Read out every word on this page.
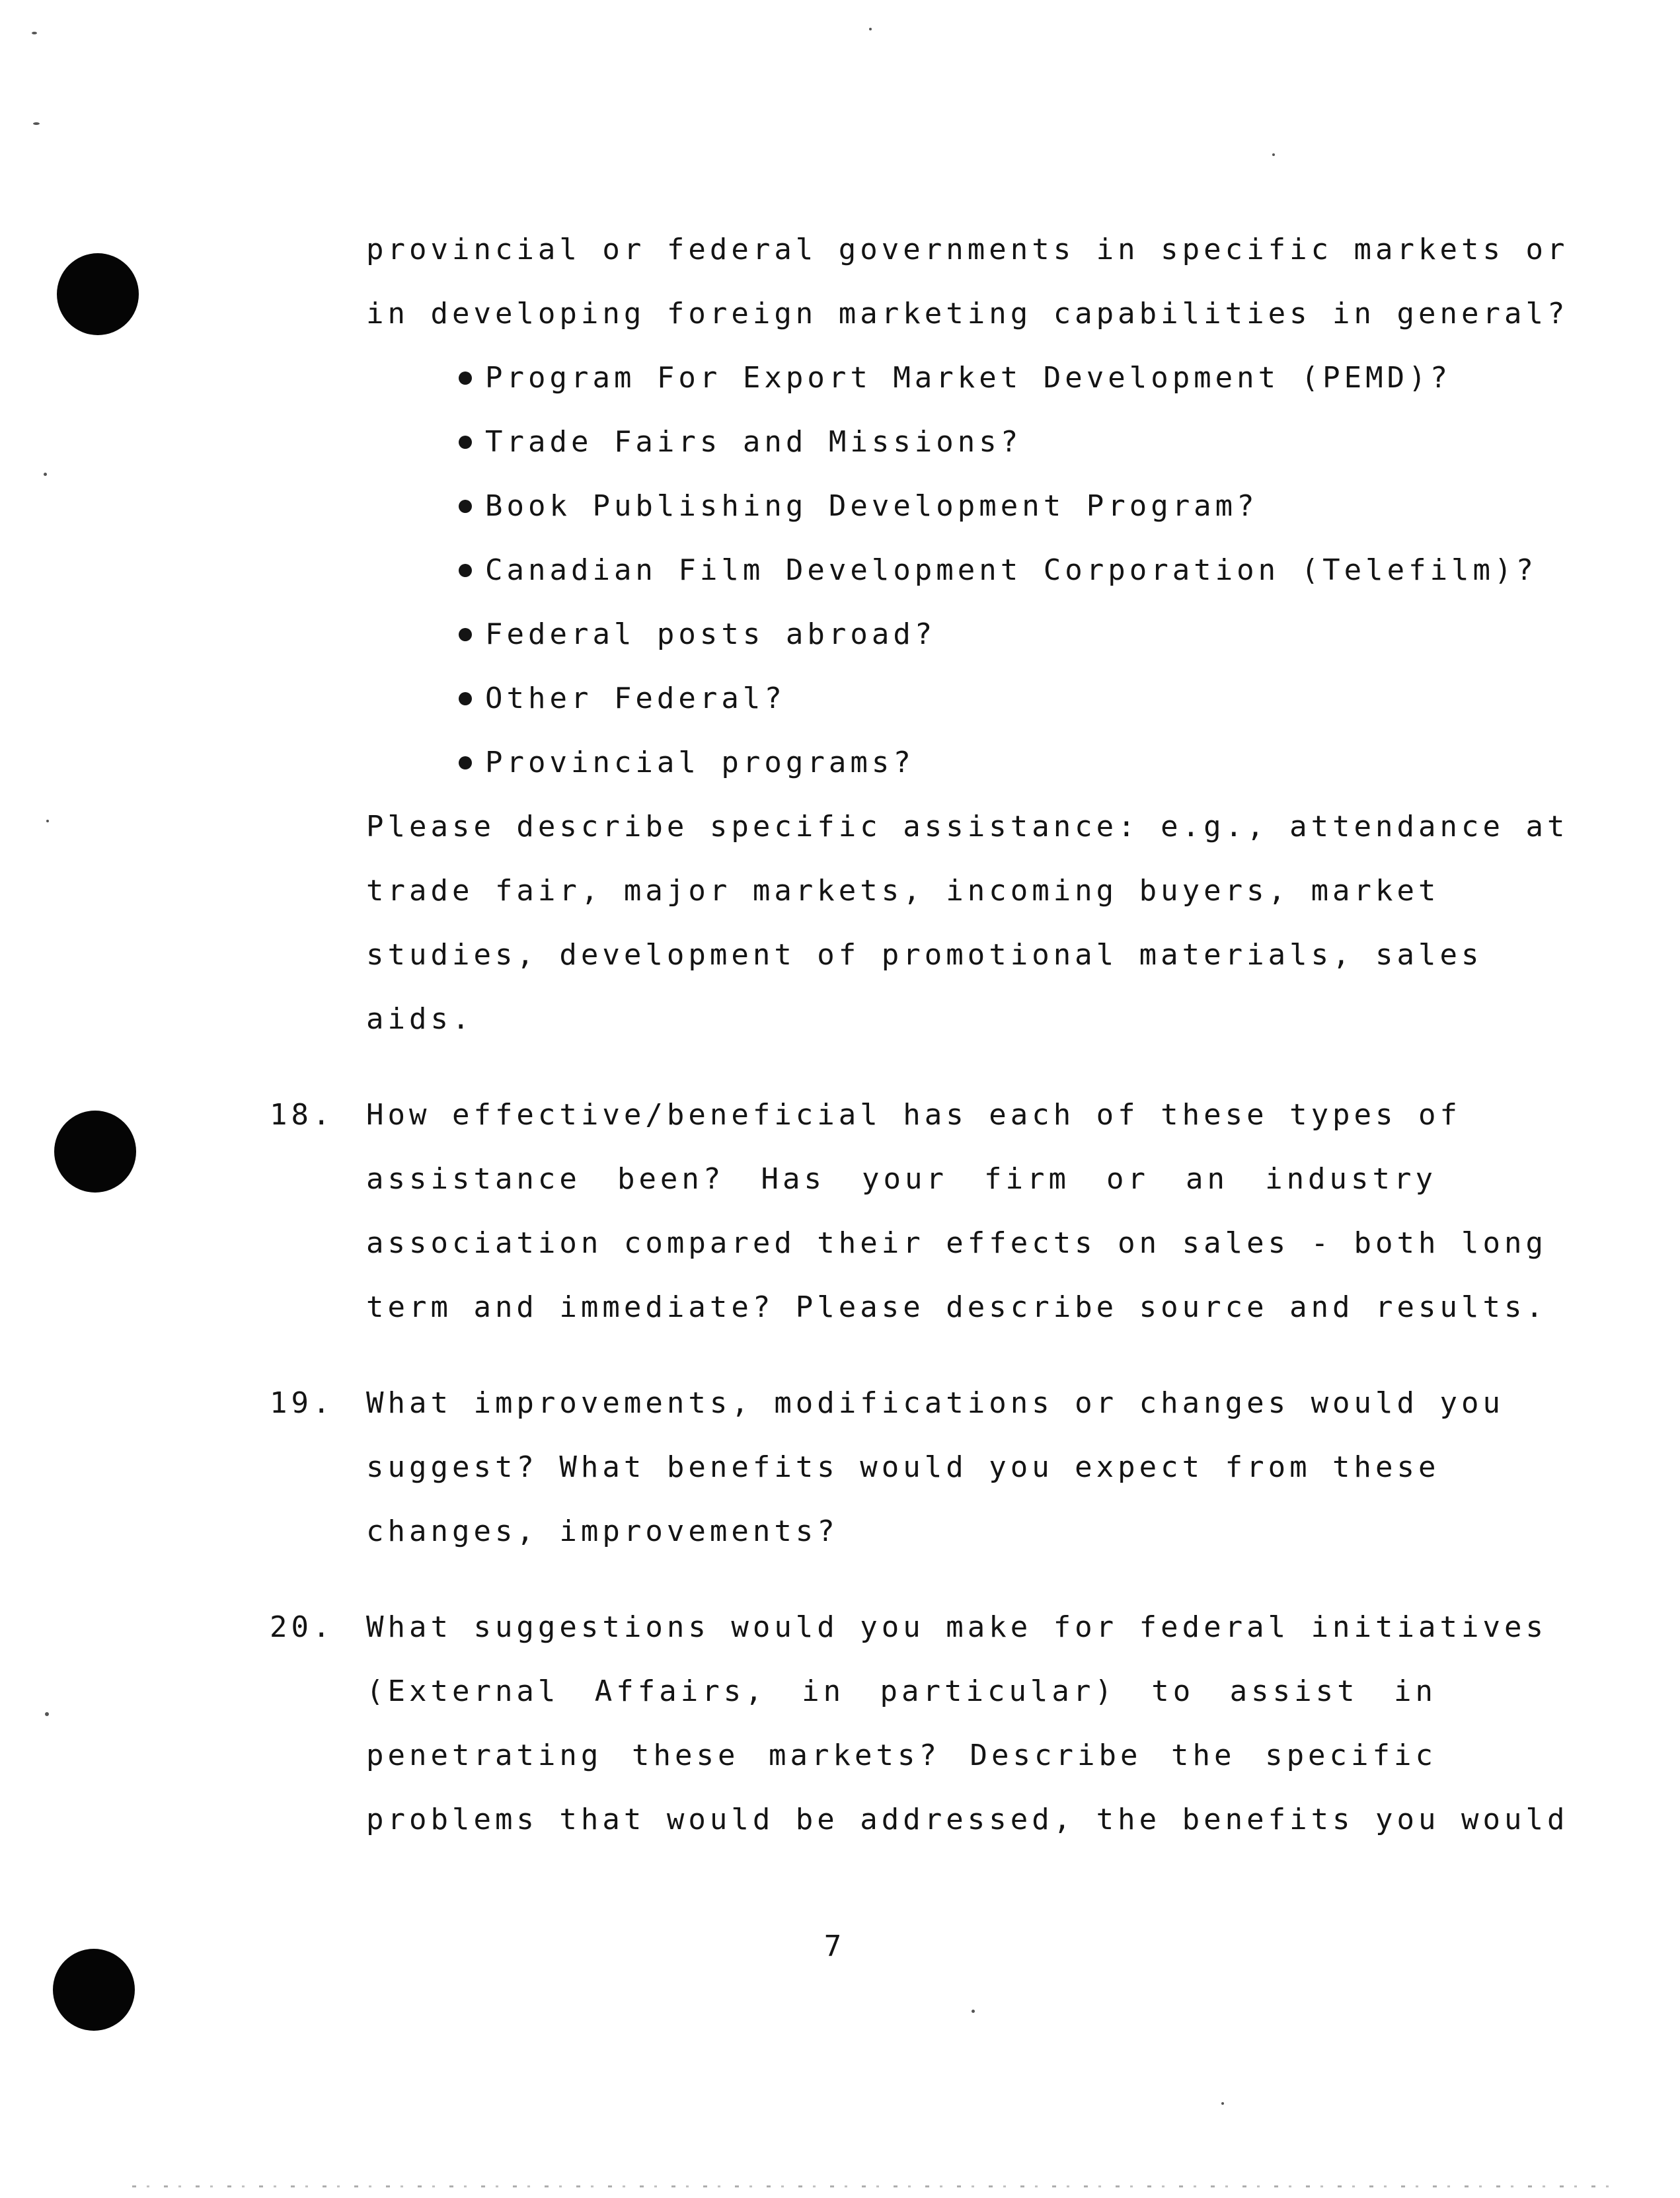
provincial or federal governments in specific markets or
in developing foreign marketing capabilities in general?
Program For Export Market Development (PEMD)?
Trade Fairs and Missions?
Book Publishing Development Program?
Canadian Film Development Corporation (Telefilm)?
Federal posts abroad?
Other Federal?
Provincial programs?
Please describe specific assistance: e.g., attendance at
trade fair, major markets, incoming buyers, market
studies, development of promotional materials, sales
aids.
18. How effective/beneficial has each of these types of
assistance been? Has your firm or an industry
association compared their effects on sales - both long
term and immediate? Please describe source and results.
19. What improvements, modifications or changes would you
suggest? What benefits would you expect from these
changes, improvements?
20. What suggestions would you make for federal initiatives
(External Affairs, in particular) to assist in
penetrating these markets? Describe the specific
problems that would be addressed, the benefits you would
7
